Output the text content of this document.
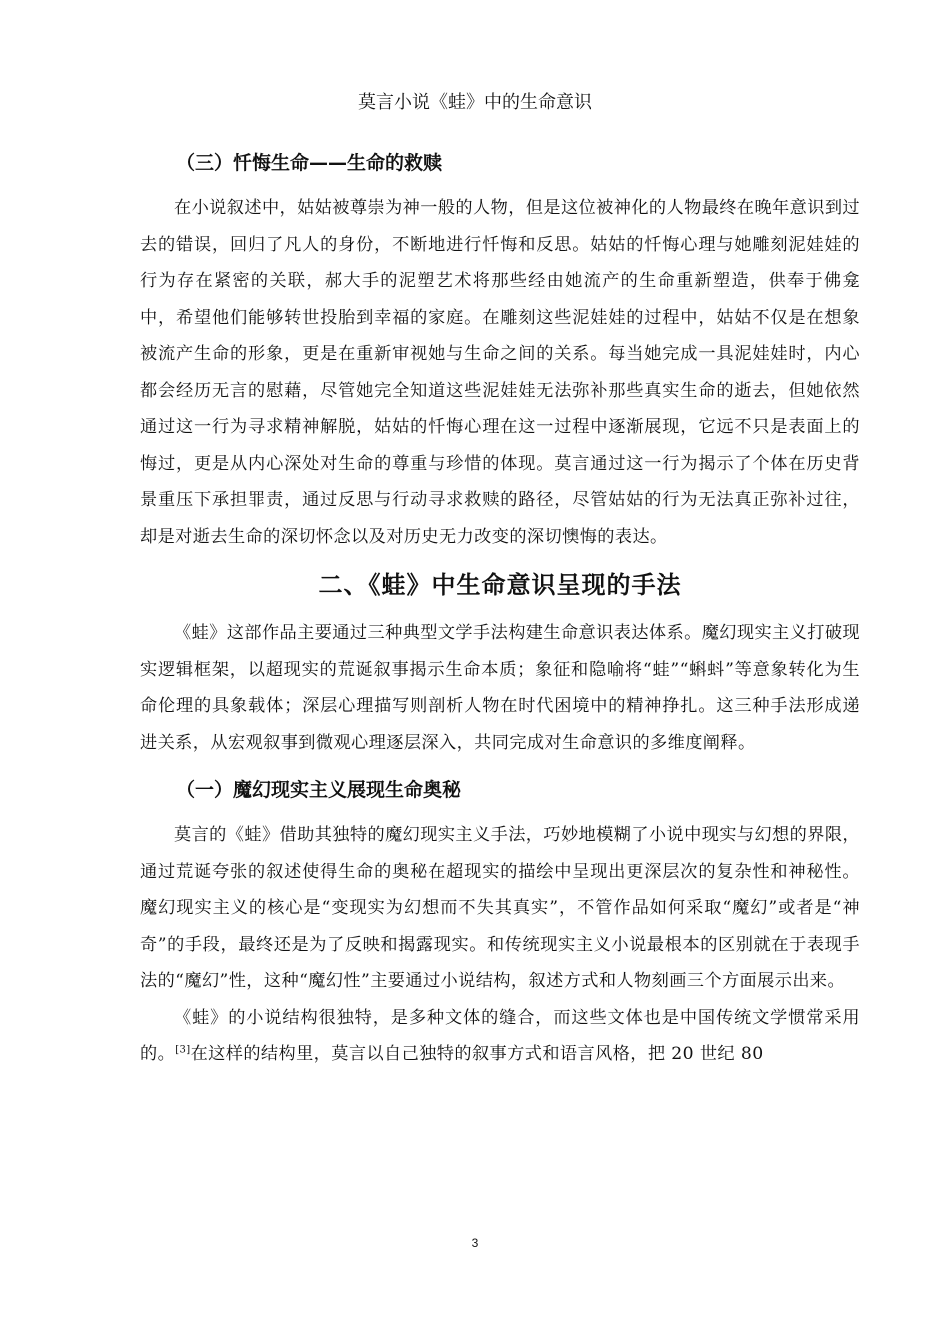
莫言小说《蛙》中的生命意识
（三）忏悔生命——生命的救赎

在小说叙述中，姑姑被尊崇为神一般的人物，但是这位被神化的人物最终在晚年意识到过去的错误，回归了凡人的身份，不断地进行忏悔和反思。姑姑的忏悔心理与她雕刻泥娃娃的行为存在紧密的关联，郝大手的泥塑艺术将那些经由她流产的生命重新塑造，供奉于佛龛中，希望他们能够转世投胎到幸福的家庭。在雕刻这些泥娃娃的过程中，姑姑不仅是在想象被流产生命的形象，更是在重新审视她与生命之间的关系。每当她完成一具泥娃娃时，内心都会经历无言的慰藉，尽管她完全知道这些泥娃娃无法弥补那些真实生命的逝去，但她依然通过这一行为寻求精神解脱，姑姑的忏悔心理在这一过程中逐渐展现，它远不只是表面上的悔过，更是从内心深处对生命的尊重与珍惜的体现。莫言通过这一行为揭示了个体在历史背景重压下承担罪责，通过反思与行动寻求救赎的路径，尽管姑姑的行为无法真正弥补过往，却是对逝去生命的深切怀念以及对历史无力改变的深切懊悔的表达。

二、《蛙》中生命意识呈现的手法

《蛙》这部作品主要通过三种典型文学手法构建生命意识表达体系。魔幻现实主义打破现实逻辑框架，以超现实的荒诞叙事揭示生命本质；象征和隐喻将“蛙”“蝌蚪”等意象转化为生命伦理的具象载体；深层心理描写则剖析人物在时代困境中的精神挣扎。这三种手法形成递进关系，从宏观叙事到微观心理逐层深入，共同完成对生命意识的多维度阐释。

（一）魔幻现实主义展现生命奥秘

莫言的《蛙》借助其独特的魔幻现实主义手法，巧妙地模糊了小说中现实与幻想的界限，通过荒诞夸张的叙述使得生命的奥秘在超现实的描绘中呈现出更深层次的复杂性和神秘性。魔幻现实主义的核心是“变现实为幻想而不失其真实”，不管作品如何采取“魔幻”或者是“神奇”的手段，最终还是为了反映和揭露现实。和传统现实主义小说最根本的区别就在于表现手法的“魔幻”性，这种“魔幻性”主要通过小说结构，叙述方式和人物刻画三个方面展示出来。

《蛙》的小说结构很独特，是多种文体的缝合，而这些文体也是中国传统文学惯常采用的。[3]在这样的结构里，莫言以自己独特的叙事方式和语言风格，把 20 世纪 80

3
